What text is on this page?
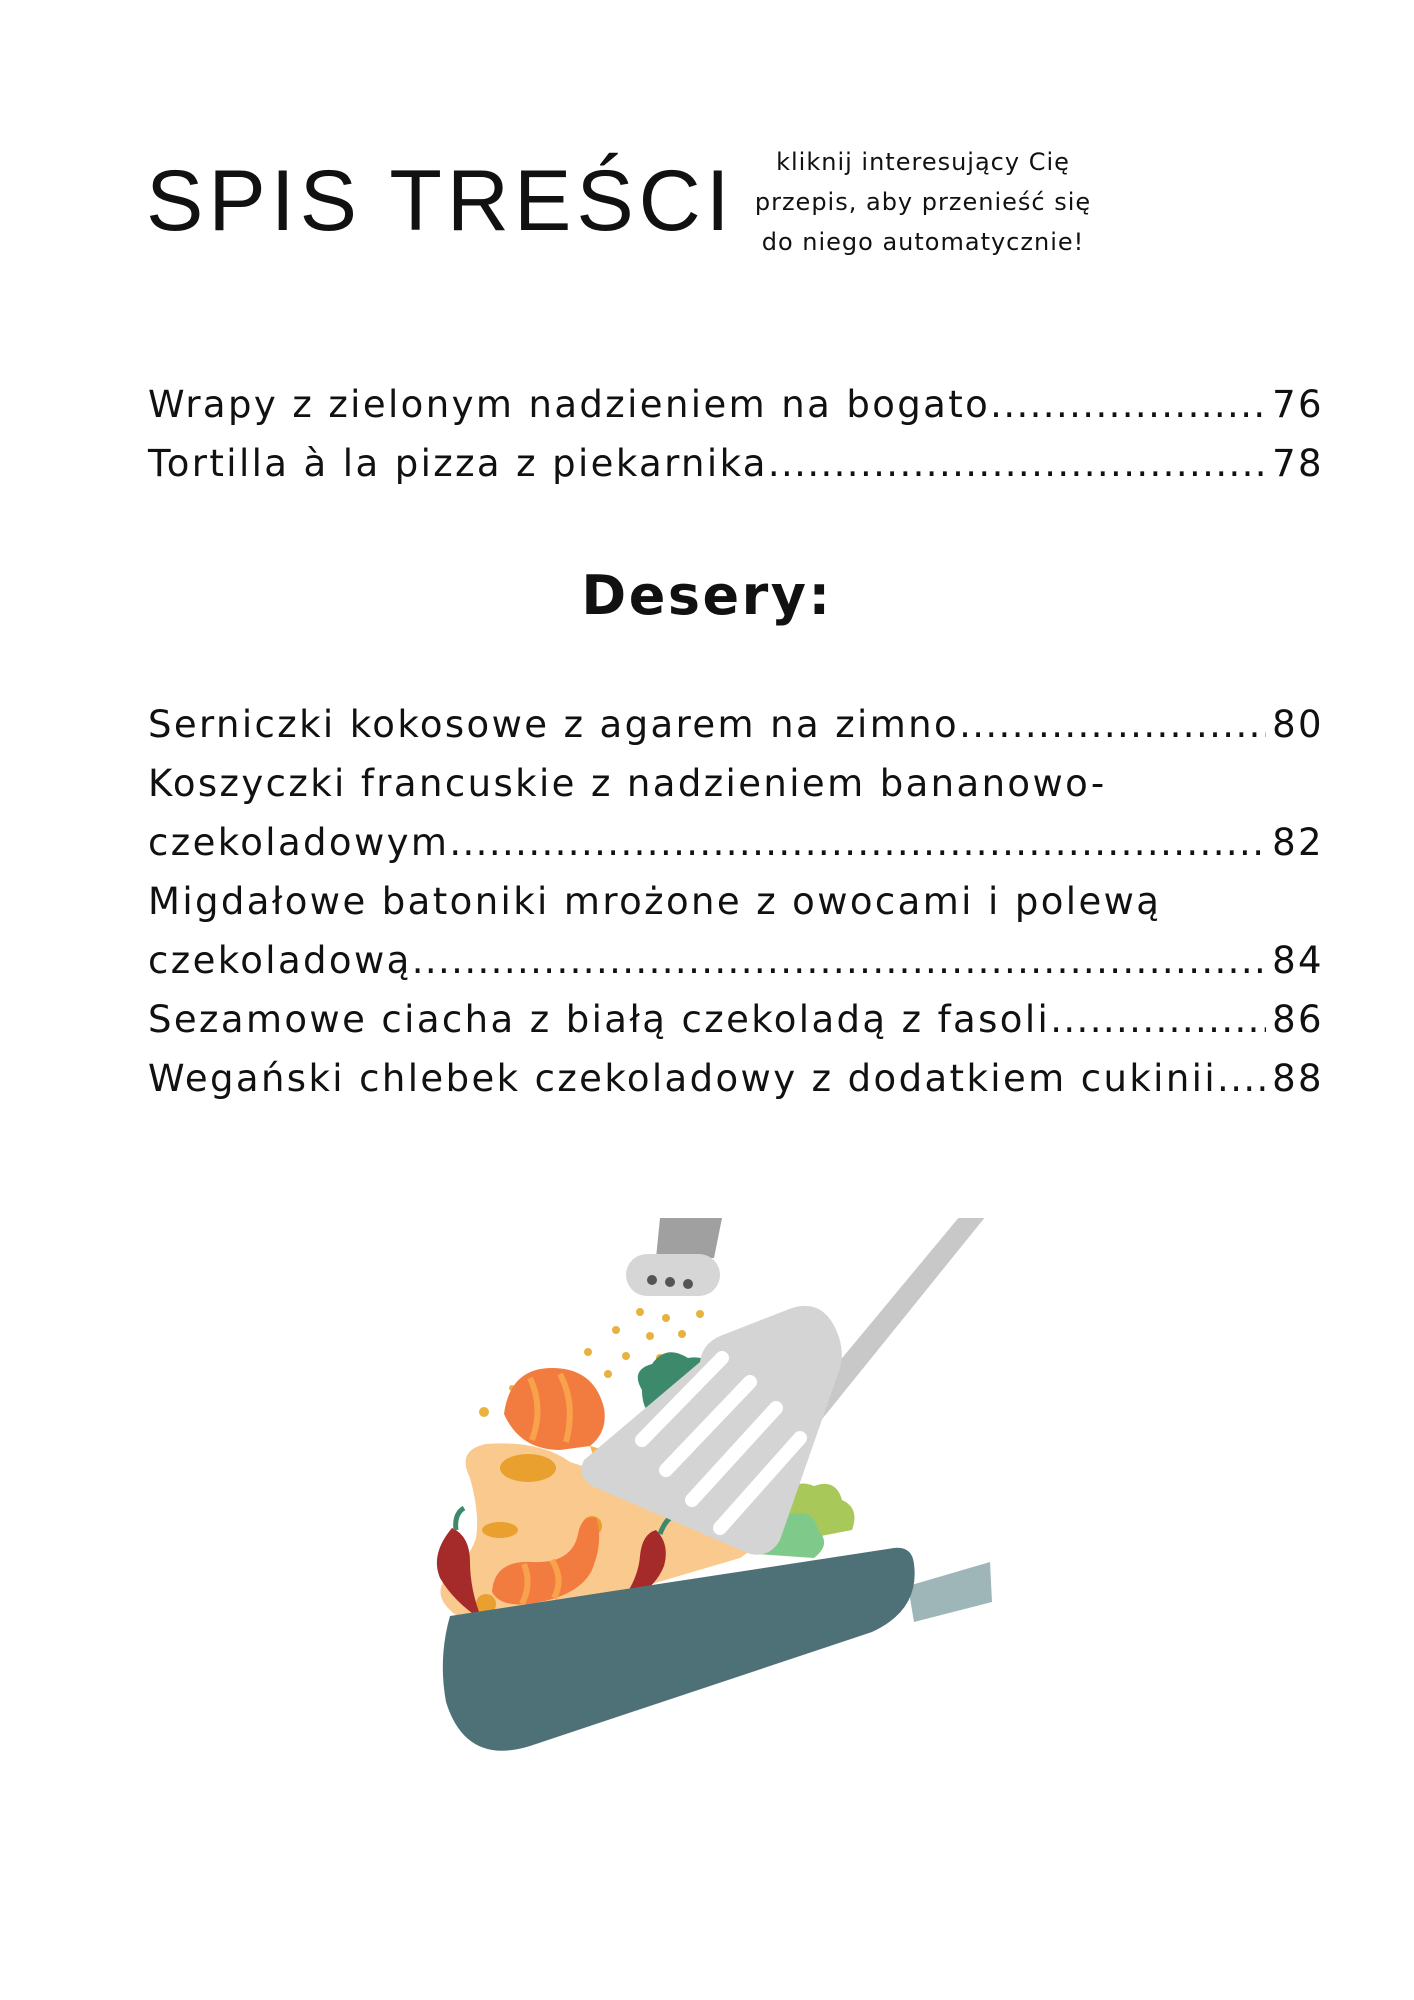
SPIS TREŚCI	kliknij interesujący Cię
przepis, aby przenieść się
do niego automatycznie!
Wrapy z zielonym nadzieniem na bogato .....	76
Tortilla à la pizza z piekarnika .....	78
Desery:
Serniczki kokosowe z agarem na zimno .....	80
Koszyczki francuskie z nadzieniem bananowo-
czekoladowym .....	82
Migdałowe batoniki mrożone z owocami i polewą
czekoladową .....	84
Sezamowe ciacha z białą czekoladą z fasoli .....	86
Wegański chlebek czekoladowy z dodatkiem cukinii ..... 88
